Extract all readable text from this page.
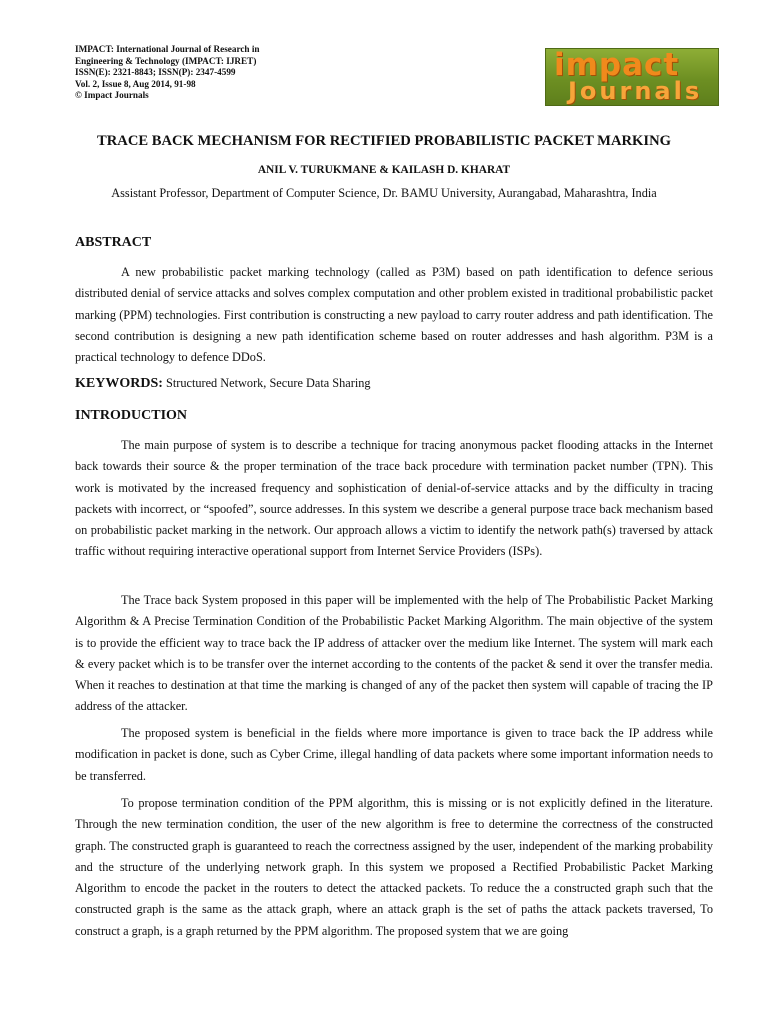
IMPACT: International Journal of Research in
Engineering & Technology (IMPACT: IJRET)
ISSN(E): 2321-8843; ISSN(P): 2347-4599
Vol. 2, Issue 8, Aug 2014, 91-98
© Impact Journals
impact
Journals
TRACE BACK MECHANISM FOR RECTIFIED PROBABILISTIC PACKET MARKING
ANIL V. TURUKMANE & KAILASH D. KHARAT
Assistant Professor, Department of Computer Science, Dr. BAMU University, Aurangabad, Maharashtra, India
ABSTRACT
A new probabilistic packet marking technology (called as P3M) based on path identification to defence serious distributed denial of service attacks and solves complex computation and other problem existed in traditional probabilistic packet marking (PPM) technologies. First contribution is constructing a new payload to carry router address and path identification. The second contribution is designing a new path identification scheme based on router addresses and hash algorithm. P3M is a practical technology to defence DDoS.
KEYWORDS: Structured Network, Secure Data Sharing
INTRODUCTION
The main purpose of system is to describe a technique for tracing anonymous packet flooding attacks in the Internet back towards their source & the proper termination of the trace back procedure with termination packet number (TPN). This work is motivated by the increased frequency and sophistication of denial-of-service attacks and by the difficulty in tracing packets with incorrect, or “spoofed”, source addresses. In this system we describe a general purpose trace back mechanism based on probabilistic packet marking in the network. Our approach allows a victim to identify the network path(s) traversed by attack traffic without requiring interactive operational support from Internet Service Providers (ISPs).
The Trace back System proposed in this paper will be implemented with the help of The Probabilistic Packet Marking Algorithm & A Precise Termination Condition of the Probabilistic Packet Marking Algorithm. The main objective of the system is to provide the efficient way to trace back the IP address of attacker over the medium like Internet. The system will mark each & every packet which is to be transfer over the internet according to the contents of the packet & send it over the transfer media. When it reaches to destination at that time the marking is changed of any of the packet then system will capable of tracing the IP address of the attacker.
The proposed system is beneficial in the fields where more importance is given to trace back the IP address while modification in packet is done, such as Cyber Crime, illegal handling of data packets where some important information needs to be transferred.
To propose termination condition of the PPM algorithm, this is missing or is not explicitly defined in the literature. Through the new termination condition, the user of the new algorithm is free to determine the correctness of the constructed graph. The constructed graph is guaranteed to reach the correctness assigned by the user, independent of the marking probability and the structure of the underlying network graph. In this system we proposed a Rectified Probabilistic Packet Marking Algorithm to encode the packet in the routers to detect the attacked packets. To reduce the a constructed graph such that the constructed graph is the same as the attack graph, where an attack graph is the set of paths the attack packets traversed, To construct a graph, is a graph returned by the PPM algorithm. The proposed system that we are going
